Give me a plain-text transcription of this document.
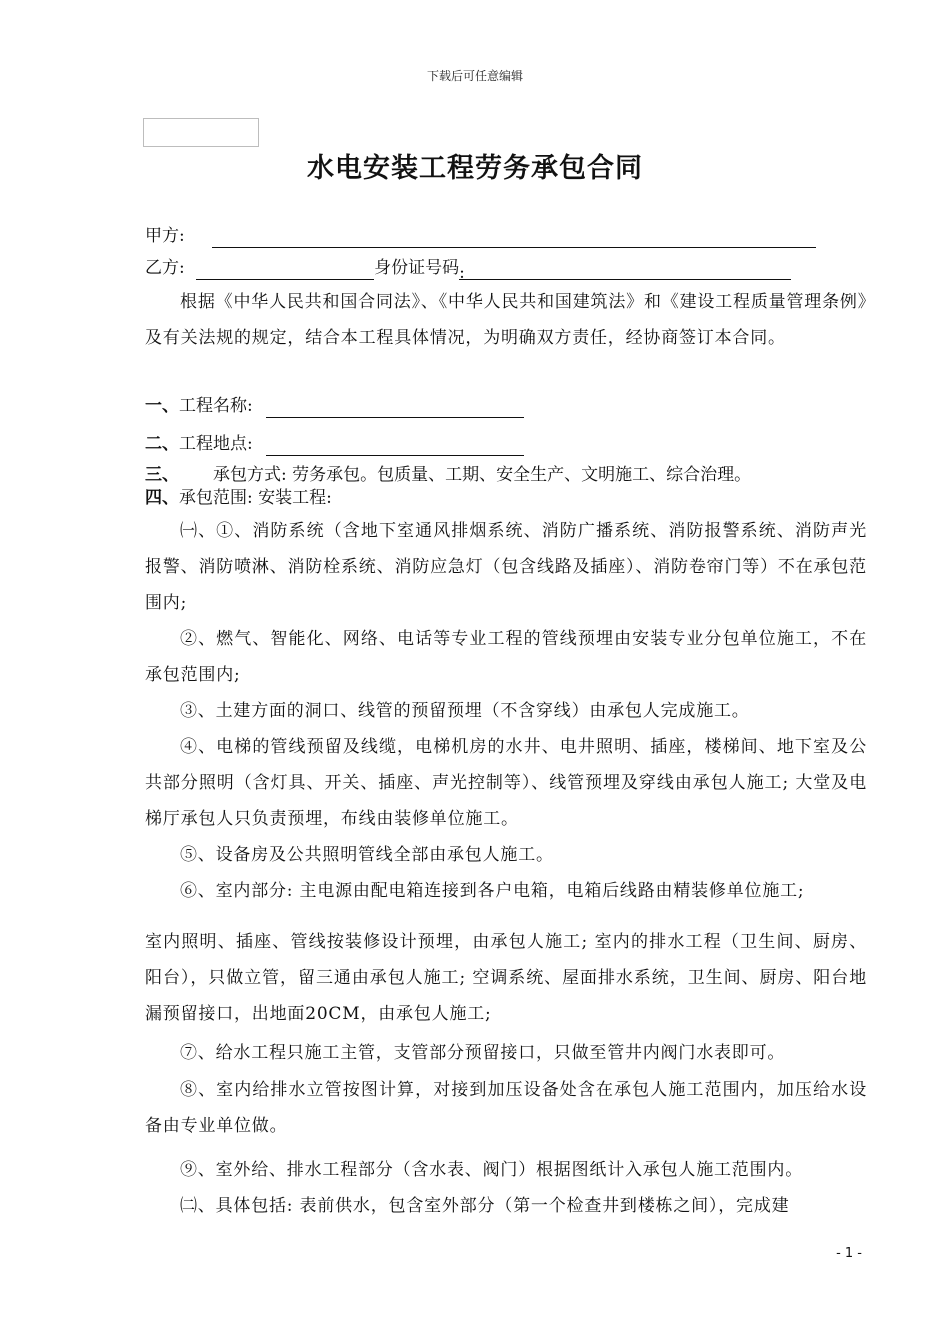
下载后可任意编辑
水电安装工程劳务承包合同
甲方:
乙方:	身份证号码:
根据《中华人民共和国合同法》、《中华人民共和国建筑法》和《建设工程质量管理条例》及有关法规的规定，结合本工程具体情况，为明确双方责任，经协商签订本合同。
一、工程名称:
二、工程地点:
三、 承包方式: 劳务承包。包质量、工期、安全生产、文明施工、综合治理。
四、承包范围: 安装工程:
㈠、①、消防系统（含地下室通风排烟系统、消防广播系统、消防报警系统、消防声光报警、消防喷淋、消防栓系统、消防应急灯（包含线路及插座）、消防卷帘门等）不在承包范围内;
②、燃气、智能化、网络、电话等专业工程的管线预埋由安装专业分包单位施工，不在承包范围内;
③、土建方面的洞口、线管的预留预埋（不含穿线）由承包人完成施工。
④、电梯的管线预留及线缆，电梯机房的水井、电井照明、插座，楼梯间、地下室及公共部分照明（含灯具、开关、插座、声光控制等）、线管预埋及穿线由承包人施工; 大堂及电梯厅承包人只负责预埋，布线由装修单位施工。
⑤、设备房及公共照明管线全部由承包人施工。
⑥、室内部分: 主电源由配电箱连接到各户电箱，电箱后线路由精装修单位施工;
室内照明、插座、管线按装修设计预埋，由承包人施工; 室内的排水工程（卫生间、厨房、阳台），只做立管，留三通由承包人施工; 空调系统、屋面排水系统，卫生间、厨房、阳台地漏预留接口，出地面20CM，由承包人施工;
⑦、给水工程只施工主管，支管部分预留接口，只做至管井内阀门水表即可。
⑧、室内给排水立管按图计算，对接到加压设备处含在承包人施工范围内，加压给水设备由专业单位做。
⑨、室外给、排水工程部分（含水表、阀门）根据图纸计入承包人施工范围内。
㈡、具体包括: 表前供水，包含室外部分（第一个检查井到楼栋之间），完成建
- 1 -
